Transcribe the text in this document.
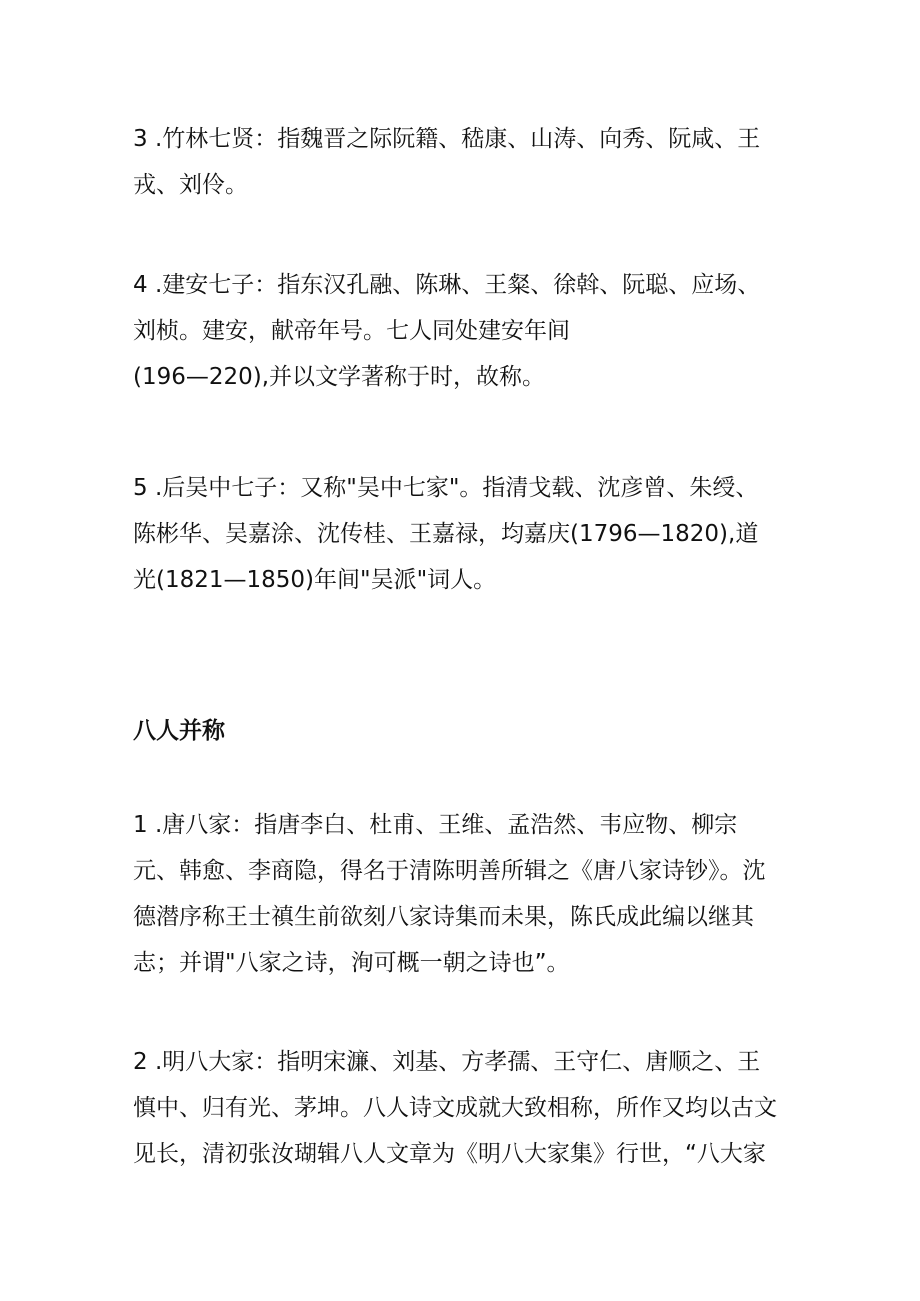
3 .竹林七贤：指魏晋之际阮籍、嵇康、山涛、向秀、阮咸、王
戎、刘伶。

4 .建安七子：指东汉孔融、陈琳、王粲、徐斡、阮聪、应场、
刘桢。建安，献帝年号。七人同处建安年间
(196—220),并以文学著称于时，故称。

5 .后吴中七子：又称"吴中七家"。指清戈载、沈彦曾、朱绶、
陈彬华、吴嘉涂、沈传桂、王嘉禄，均嘉庆(1796—1820),道
光(1821—1850)年间"吴派"词人。

八人并称

1 .唐八家：指唐李白、杜甫、王维、孟浩然、韦应物、柳宗
元、韩愈、李商隐，得名于清陈明善所辑之《唐八家诗钞》。沈
德潜序称王士禛生前欲刻八家诗集而未果，陈氏成此编以继其
志；并谓"八家之诗，洵可概一朝之诗也”。

2 .明八大家：指明宋濂、刘基、方孝孺、王守仁、唐顺之、王
慎中、归有光、茅坤。八人诗文成就大致相称，所作又均以古文
见长，清初张汝瑚辑八人文章为《明八大家集》行世，“八大家
